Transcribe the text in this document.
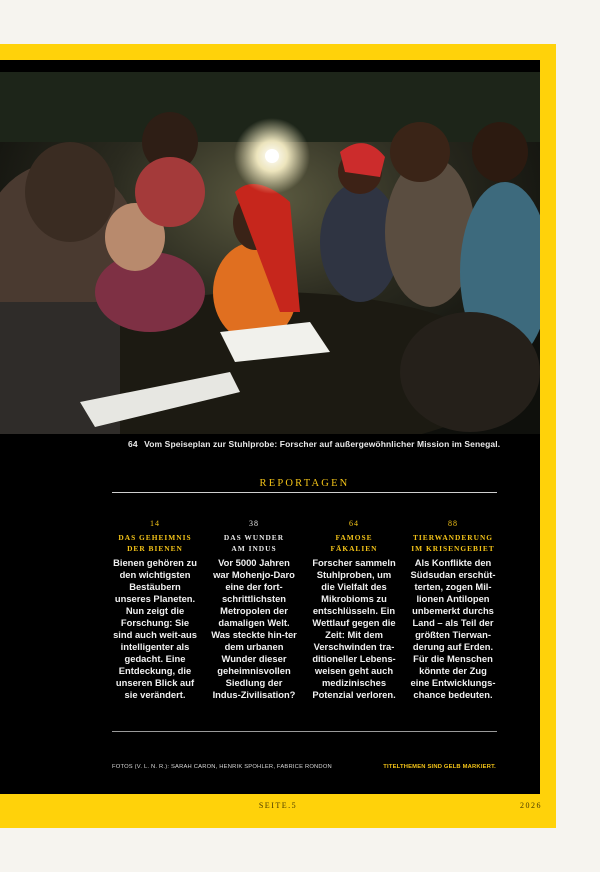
64 Vom Speiseplan zur Stuhlprobe: Forscher auf außergewöhnlicher Mission im Senegal.
REPORTAGEN
14
DAS GEHEIMNIS
DER BIENEN
Bienen gehören zu den wichtigsten Bestäubern unseres Planeten. Nun zeigt die Forschung: Sie sind auch weit-aus intelligenter als gedacht. Eine Entdeckung, die unseren Blick auf sie verändert.
38
DAS WUNDER
AM INDUS
Vor 5000 Jahren war Mohenjo-Daro eine der fort-schrittlichsten Metropolen der damaligen Welt. Was steckte hin-ter dem urbanen Wunder dieser geheimnisvollen Siedlung der Indus-Zivilisation?
64
FAMOSE
FÄKALIEN
Forscher sammeln Stuhlproben, um die Vielfalt des Mikrobioms zu entschlüsseln. Ein Wettlauf gegen die Zeit: Mit dem Verschwinden tra-ditioneller Lebens-weisen geht auch medizinisches Potenzial verloren.
88
TIERWANDERUNG
IM KRISENGEBIET
Als Konflikte den Südsudan erschüt-terten, zogen Mil-lionen Antilopen unbemerkt durchs Land – als Teil der größten Tierwan-derung auf Erden. Für die Menschen könnte der Zug eine Entwicklungs-chance bedeuten.
FOTOS (V. L. N. R.): SARAH CARON, HENRIK SPOHLER, FABRICE RONDON	TITELTHEMEN SIND GELB MARKIERT.
SEITE.5	2026
